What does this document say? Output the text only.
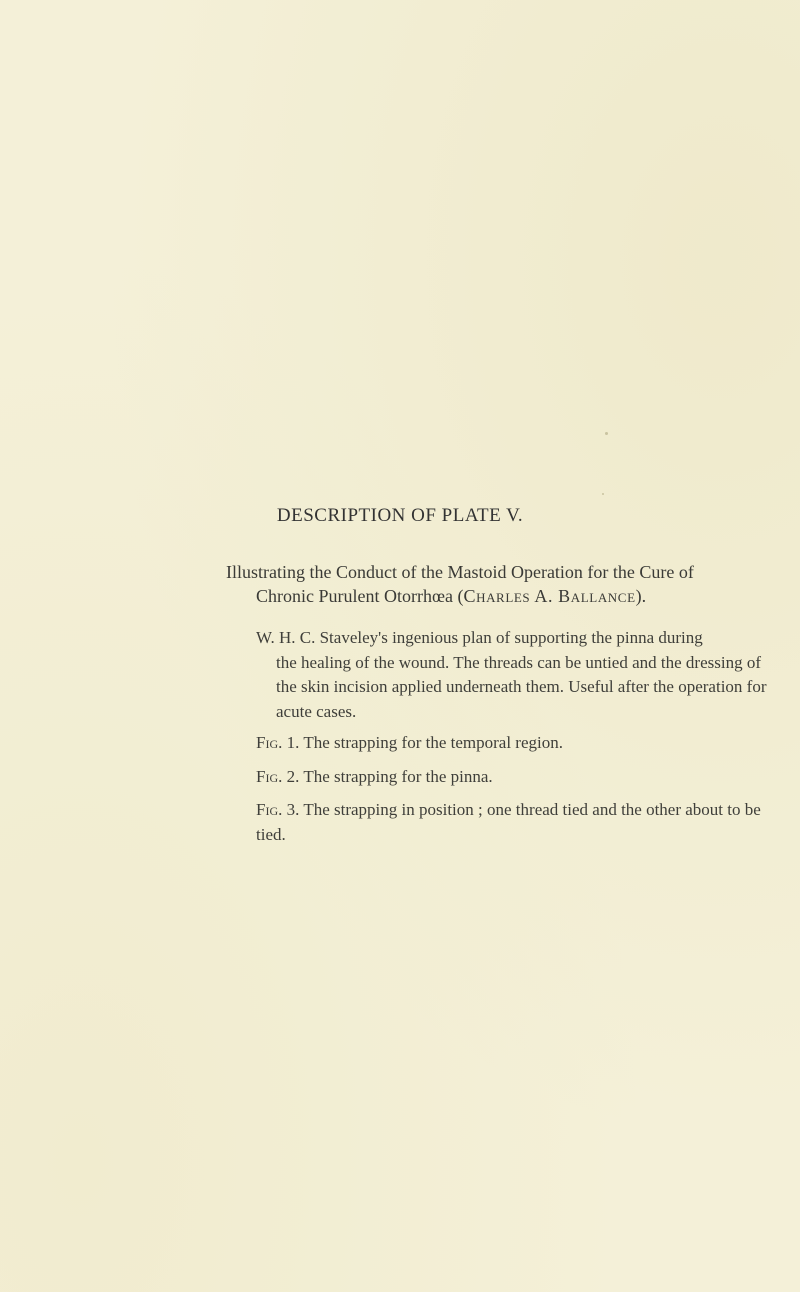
DESCRIPTION OF PLATE V.
Illustrating the Conduct of the Mastoid Operation for the Cure of
Chronic Purulent Otorrhœa (Charles A. Ballance).
W. H. C. Staveley's ingenious plan of supporting the pinna during
the healing of the wound. The threads can be untied and the dressing of the skin incision applied underneath them. Useful after the operation for acute cases.
Fig. 1. The strapping for the temporal region.
Fig. 2. The strapping for the pinna.
Fig. 3. The strapping in position ; one thread tied and the other about to be tied.
